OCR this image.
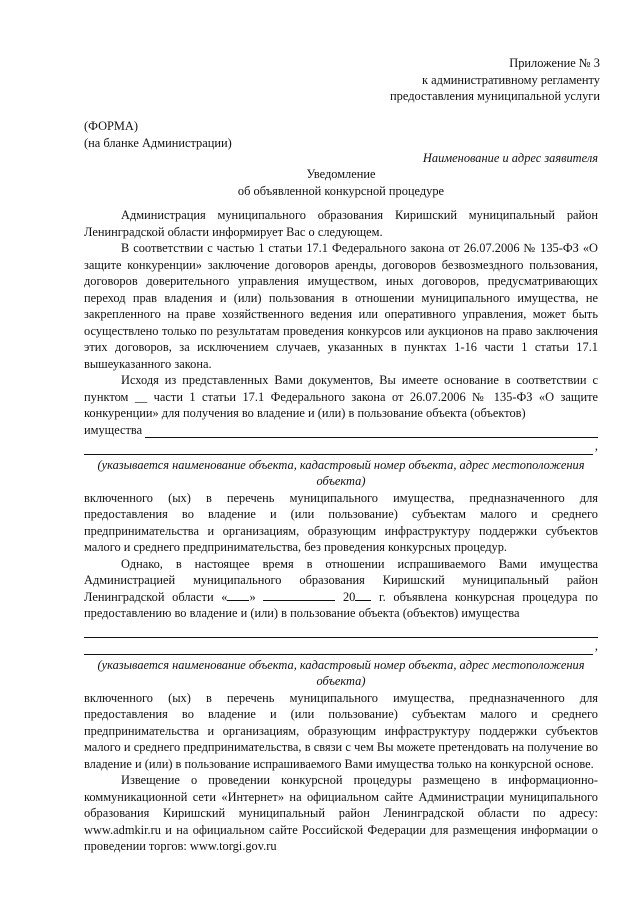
Приложение № 3
к административному регламенту
предоставления муниципальной услуги
(ФОРМА)
(на бланке Администрации)
Наименование и адрес заявителя
Уведомление
об объявленной конкурсной процедуре

Администрация муниципального образования Киришский муниципальный район Ленинградской области информирует Вас о следующем.

В соответствии с частью 1 статьи 17.1 Федерального закона от 26.07.2006 № 135-ФЗ «О защите конкуренции» заключение договоров аренды, договоров безвозмездного пользования, договоров доверительного управления имуществом, иных договоров, предусматривающих переход прав владения и (или) пользования в отношении муниципального имущества, не закрепленного на праве хозяйственного ведения или оперативного управления, может быть осуществлено только по результатам проведения конкурсов или аукционов на право заключения этих договоров, за исключением случаев, указанных в пунктах 1-16 части 1 статьи 17.1 вышеуказанного закона.

Исходя из представленных Вами документов, Вы имеете основание в соответствии с пунктом __ части 1 статьи 17.1 Федерального закона от 26.07.2006 № 135-ФЗ «О защите конкуренции» для получения во владение и (или) в пользование объекта (объектов)

имущества
,

(указывается наименование объекта, кадастровый номер объекта, адрес местоположения объекта)

включенного (ых) в перечень муниципального имущества, предназначенного для предоставления во владение и (или пользование) субъектам малого и среднего предпринимательства и организациям, образующим инфраструктуру поддержки субъектов малого и среднего предпринимательства, без проведения конкурсных процедур.

Однако, в настоящее время в отношении испрашиваемого Вами имущества Администрацией муниципального образования Киришский муниципальный район Ленинградской области « »	20 г. объявлена конкурсная процедура по предоставлению во владение и (или) в пользование объекта (объектов) имущества

,

(указывается наименование объекта, кадастровый номер объекта, адрес местоположения объекта)

включенного (ых) в перечень муниципального имущества, предназначенного для предоставления во владение и (или пользование) субъектам малого и среднего предпринимательства и организациям, образующим инфраструктуру поддержки субъектов малого и среднего предпринимательства, в связи с чем Вы можете претендовать на получение во владение и (или) в пользование испрашиваемого Вами имущества только на конкурсной основе.

Извещение о проведении конкурсной процедуры размещено в информационно-коммуникационной сети «Интернет» на официальном сайте Администрации муниципального образования Киришский муниципальный район Ленинградской области по адресу: www.admkir.ru и на официальном сайте Российской Федерации для размещения информации о проведении торгов: www.torgi.gov.ru
